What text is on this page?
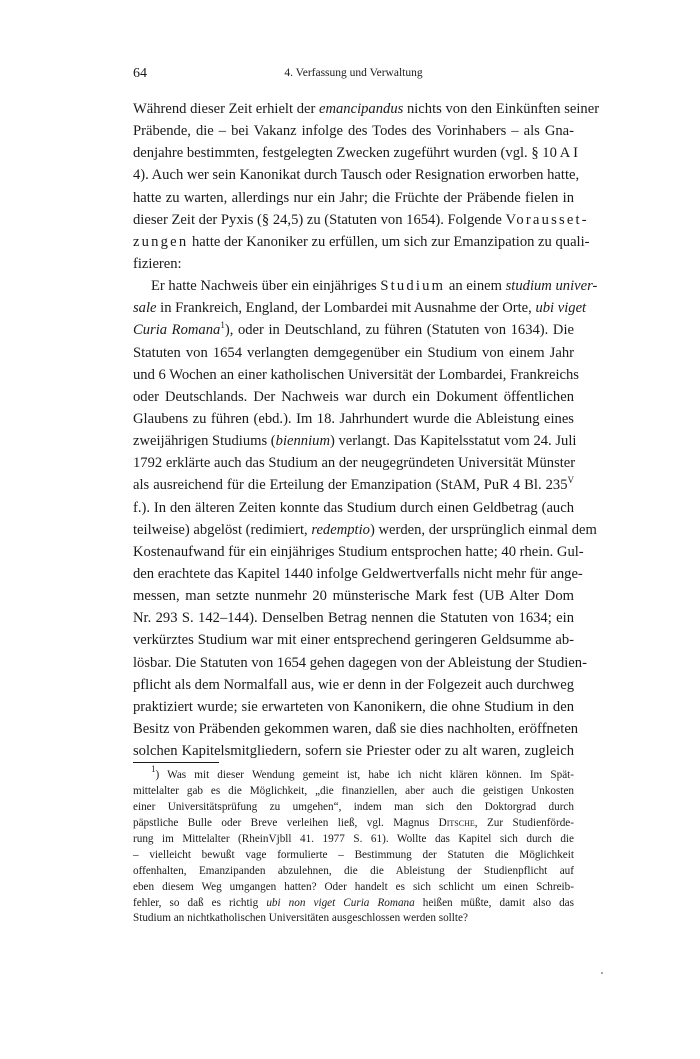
64	4. Verfassung und Verwaltung
Während dieser Zeit erhielt der emancipandus nichts von den Einkünften seiner
Präbende, die – bei Vakanz infolge des Todes des Vorinhabers – als Gna-
denjahre bestimmten, festgelegten Zwecken zugeführt wurden (vgl. § 10 A I
4). Auch wer sein Kanonikat durch Tausch oder Resignation erworben hatte,
hatte zu warten, allerdings nur ein Jahr; die Früchte der Präbende fielen in
dieser Zeit der Pyxis (§ 24,5) zu (Statuten von 1654). Folgende Vorausset-
zungen hatte der Kanoniker zu erfüllen, um sich zur Emanzipation zu quali-
fizieren:
Er hatte Nachweis über ein einjähriges Studium an einem studium univer-
sale in Frankreich, England, der Lombardei mit Ausnahme der Orte, ubi viget
Curia Romana$^1$), oder in Deutschland, zu führen (Statuten von 1634). Die
Statuten von 1654 verlangten demgegenüber ein Studium von einem Jahr
und 6 Wochen an einer katholischen Universität der Lombardei, Frankreichs
oder Deutschlands. Der Nachweis war durch ein Dokument öffentlichen
Glaubens zu führen (ebd.). Im 18. Jahrhundert wurde die Ableistung eines
zweijährigen Studiums (biennium) verlangt. Das Kapitelsstatut vom 24. Juli
1792 erklärte auch das Studium an der neugegründeten Universität Münster
als ausreichend für die Erteilung der Emanzipation (StAM, PuR 4 Bl. $235^V$
f.). In den älteren Zeiten konnte das Studium durch einen Geldbetrag (auch
teilweise) abgelöst (redimiert, redemptio) werden, der ursprünglich einmal dem
Kostenaufwand für ein einjähriges Studium entsprochen hatte; 40 rhein. Gul-
den erachtete das Kapitel 1440 infolge Geldwertverfalls nicht mehr für ange-
messen, man setzte nunmehr 20 münsterische Mark fest (UB Alter Dom
Nr. 293 S. 142–144). Denselben Betrag nennen die Statuten von 1634; ein
verkürztes Studium war mit einer entsprechend geringeren Geldsumme ab-
lösbar. Die Statuten von 1654 gehen dagegen von der Ableistung der Studien-
pflicht als dem Normalfall aus, wie er denn in der Folgezeit auch durchweg
praktiziert wurde; sie erwarteten von Kanonikern, die ohne Studium in den
Besitz von Präbenden gekommen waren, daß sie dies nachholten, eröffneten
solchen Kapitelsmitgliedern, sofern sie Priester oder zu alt waren, zugleich
$^1$) Was mit dieser Wendung gemeint ist, habe ich nicht klären können. Im Spät-
mittelalter gab es die Möglichkeit, „die finanziellen, aber auch die geistigen Unkosten
einer Universitätsprüfung zu umgehen“, indem man sich den Doktorgrad durch
päpstliche Bulle oder Breve verleihen ließ, vgl. Magnus Ditsche, Zur Studienförde-
rung im Mittelalter (RheinVjbll 41. 1977 S. 61). Wollte das Kapitel sich durch die
– vielleicht bewußt vage formulierte – Bestimmung der Statuten die Möglichkeit
offenhalten, Emanzipanden abzulehnen, die die Ableistung der Studienpflicht auf
eben diesem Weg umgangen hatten? Oder handelt es sich schlicht um einen Schreib-
fehler, so daß es richtig ubi non viget Curia Romana heißen müßte, damit also das
Studium an nichtkatholischen Universitäten ausgeschlossen werden sollte?
